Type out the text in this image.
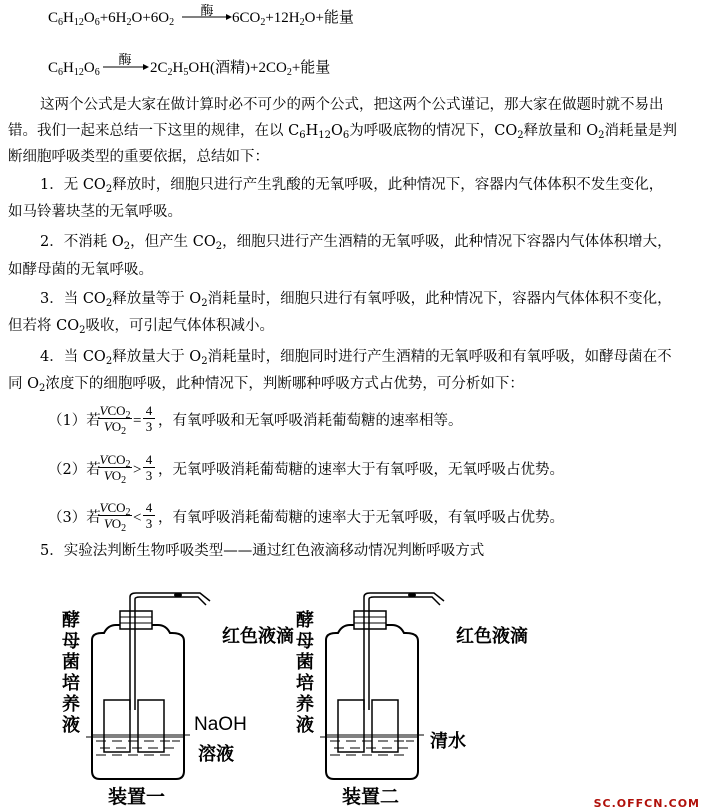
$C_6H_{12}O_6+6H_2O+6O_2$
酶 → $6CO_2+12H_2O+$能量
$C_6H_{12}O_6$
酶 → $2C_2H_5OH$(酒精)$+2CO_2+$能量
这两个公式是大家在做计算时必不可少的两个公式，把这两个公式谨记，那大家在做题时就不易出
错。我们一起来总结一下这里的规律，在以 $C_6H_{12}O_6$为呼吸底物的情况下，$CO_2$释放量和 $O_2$消耗量是判
断细胞呼吸类型的重要依据，总结如下：
1．无 $CO_2$释放时，细胞只进行产生乳酸的无氧呼吸，此种情况下，容器内气体体积不发生变化，
如马铃薯块茎的无氧呼吸。
2．不消耗 $O_2$，但产生 $CO_2$，细胞只进行产生酒精的无氧呼吸，此种情况下容器内气体体积增大，
如酵母菌的无氧呼吸。
3．当 $CO_2$释放量等于 $O_2$消耗量时，细胞只进行有氧呼吸，此种情况下，容器内气体体积不变化，
但若将 $CO_2$吸收，可引起气体体积减小。
4．当 $CO_2$释放量大于 $O_2$消耗量时，细胞同时进行产生酒精的无氧呼吸和有氧呼吸，如酵母菌在不
同 $O_2$浓度下的细胞呼吸，此种情况下，判断哪种呼吸方式占优势，可分析如下：
（1）若
$VCO_2$
$VO_2$
=
4
3 ，有氧呼吸和无氧呼吸消耗葡萄糖的速率相等。
（2）若
$VCO_2$
$VO_2$
>
4
3 ，无氧呼吸消耗葡萄糖的速率大于有氧呼吸，无氧呼吸占优势。
（3）若
$VCO_2$
$VO_2$
<
4
3 ，有氧呼吸消耗葡萄糖的速率大于无氧呼吸，有氧呼吸占优势。
5．实验法判断生物呼吸类型——通过红色液滴移动情况判断呼吸方式
酵
母
菌
培
养
液
红色液滴
NaOH
溶液
装置一
酵
母
菌
培
养
液
红色液滴
清水
装置二	SC.OFFCN.COM
